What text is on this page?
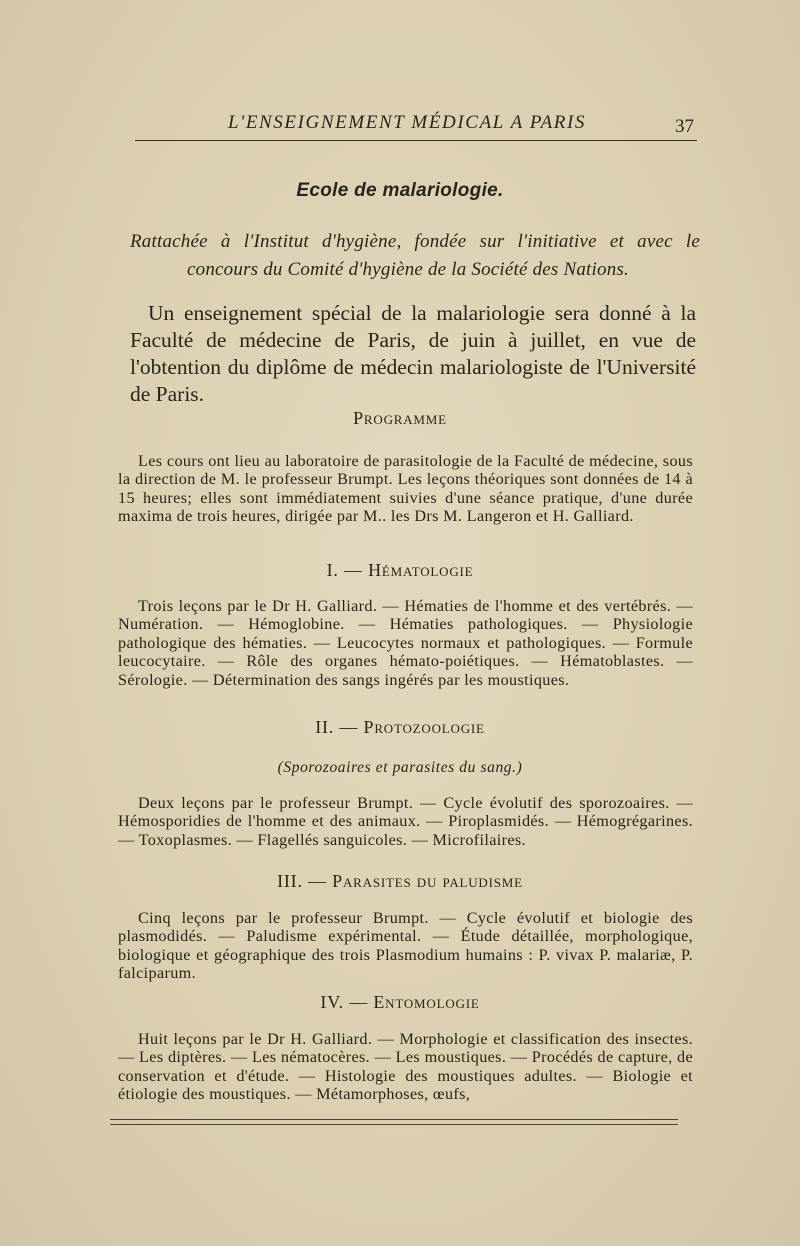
L'ENSEIGNEMENT MÉDICAL A PARIS	37
Ecole de malariologie.
Rattachée à l'Institut d'hygiène, fondée sur l'initiative et avec le
concours du Comité d'hygiène de la Société des Nations.

Un enseignement spécial de la malariologie sera donné à la Faculté de médecine de Paris, de juin à juillet, en vue de l'obtention du diplôme de médecin malariologiste de l'Université de Paris.

Programme

Les cours ont lieu au laboratoire de parasitologie de la Faculté de médecine, sous la direction de M. le professeur Brumpt. Les leçons théoriques sont données de 14 à 15 heures; elles sont immédiatement suivies d'une séance pratique, d'une durée maxima de trois heures, dirigée par M.. les Drs M. Langeron et H. Galliard.

I. — Hématologie

Trois leçons par le Dr H. Galliard. — Hématies de l'homme et des vertébrés. — Numération. — Hémoglobine. — Hématies pathologiques. — Physiologie pathologique des hématies. — Leucocytes normaux et pathologiques. — Formule leucocytaire. — Rôle des organes hémato-poiétiques. — Hématoblastes. — Sérologie. — Détermination des sangs ingérés par les moustiques.

II. — Protozoologie
(Sporozoaires et parasites du sang.)

Deux leçons par le professeur Brumpt. — Cycle évolutif des sporozoaires. — Hémosporidies de l'homme et des animaux. — Piroplasmidés. — Hémogrégarines. — Toxoplasmes. — Flagellés sanguicoles. — Microfilaires.

III. — Parasites du paludisme

Cinq leçons par le professeur Brumpt. — Cycle évolutif et biologie des plasmodidés. — Paludisme expérimental. — Étude détaillée, morphologique, biologique et géographique des trois Plasmodium humains : P. vivax P. malariæ, P. falciparum.

IV. — Entomologie

Huit leçons par le Dr H. Galliard. — Morphologie et classification des insectes. — Les diptères. — Les nématocères. — Les moustiques. — Procédés de capture, de conservation et d'étude. — Histologie des moustiques adultes. — Biologie et étiologie des moustiques. — Métamorphoses, œufs,
